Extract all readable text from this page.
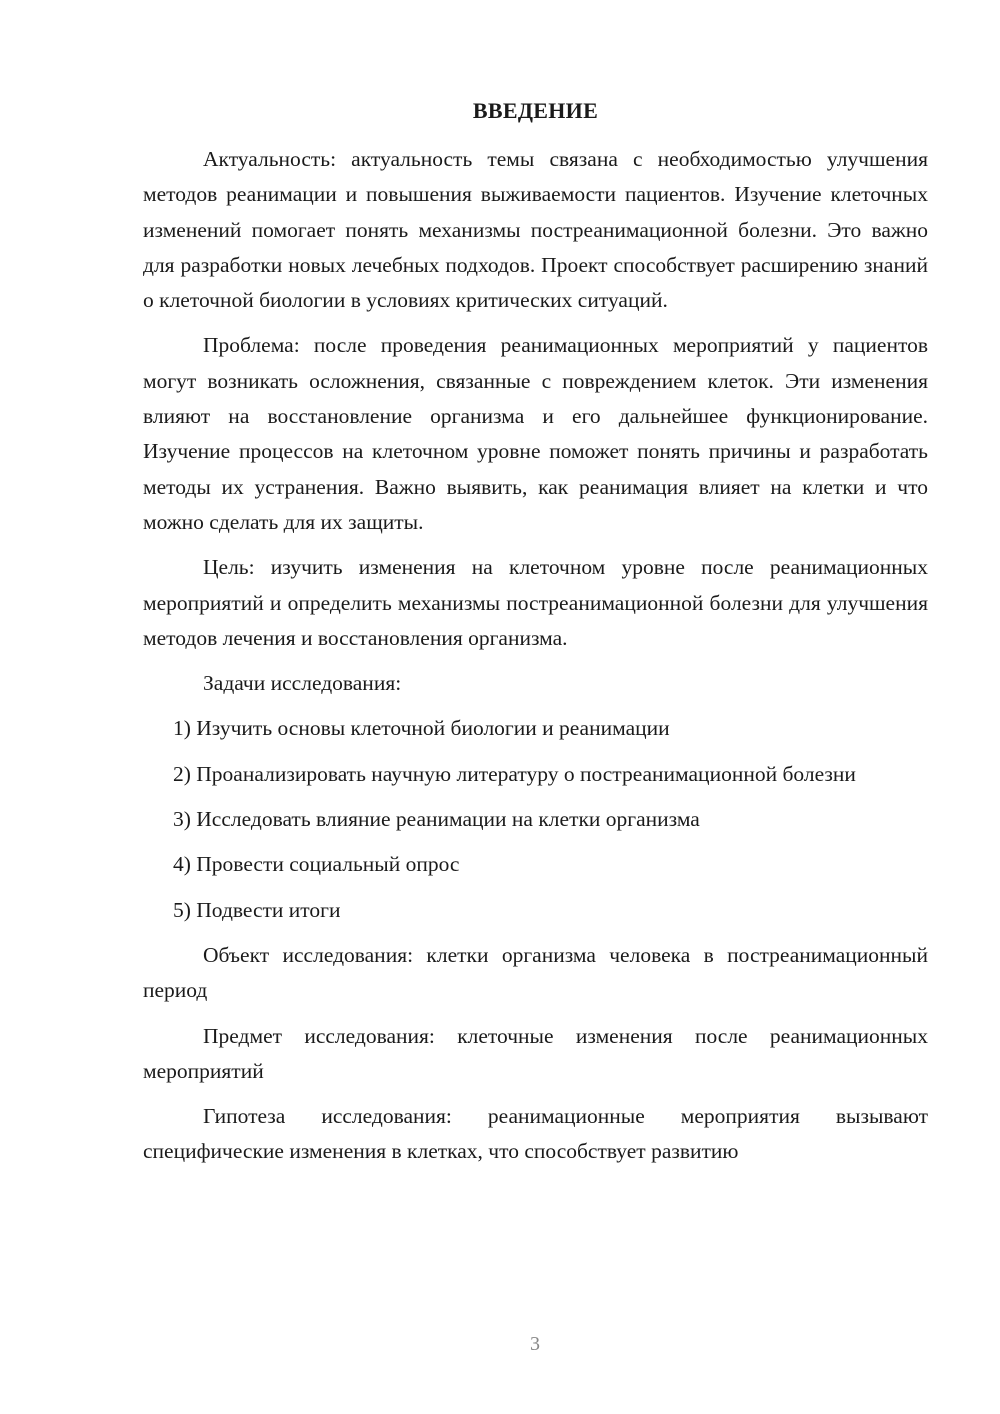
ВВЕДЕНИЕ

Актуальность: актуальность темы связана с необходимостью улучшения методов реанимации и повышения выживаемости пациентов. Изучение клеточных изменений помогает понять механизмы постреанимационной болезни. Это важно для разработки новых лечебных подходов. Проект способствует расширению знаний о клеточной биологии в условиях критических ситуаций.

Проблема: после проведения реанимационных мероприятий у пациентов могут возникать осложнения, связанные с повреждением клеток. Эти изменения влияют на восстановление организма и его дальнейшее функционирование. Изучение процессов на клеточном уровне поможет понять причины и разработать методы их устранения. Важно выявить, как реанимация влияет на клетки и что можно сделать для их защиты.

Цель: изучить изменения на клеточном уровне после реанимационных мероприятий и определить механизмы постреанимационной болезни для улучшения методов лечения и восстановления организма.

Задачи исследования:

1) Изучить основы клеточной биологии и реанимации

2) Проанализировать научную литературу о постреанимационной болезни

3) Исследовать влияние реанимации на клетки организма

4) Провести социальный опрос

5) Подвести итоги

Объект исследования: клетки организма человека в постреанимационный период

Предмет исследования: клеточные изменения после реанимационных мероприятий

Гипотеза исследования: реанимационные мероприятия вызывают специфические изменения в клетках, что способствует развитию

3
